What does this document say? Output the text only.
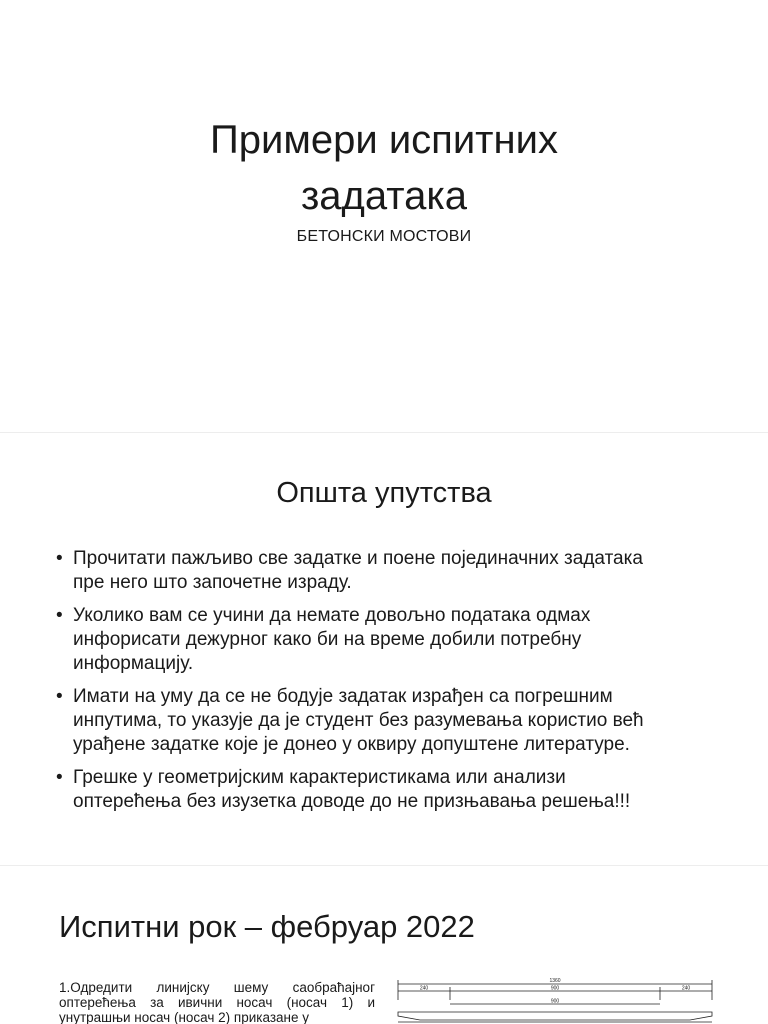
Примери испитних
задатака
БЕТОНСКИ МОСТОВИ
Општа упутства
• Прочитати пажљиво све задатке и поене појединачних задатака
пре него што започетне израду.
• Уколико вам се учини да немате довољно података одмах
инфорисати дежурног како би на време добили потребну
информацију.
• Имати на уму да се не бодује задатак израђен са погрешним
инпутима, то указује да је студент без разумевања користио већ
урађене задатке које је донео у оквиру допуштене литературе.
• Грешке у геометријским карактеристикама или анализи
оптерећења без изузетка доводе до не призњавања решења!!!
Испитни рок – фебруар 2022
1.Одредити линијску шему саобраћајног оптерећења за ивични носач (носач 1) и унутрашњи носач (носач 2) приказане у
1360
240	900	240
900
